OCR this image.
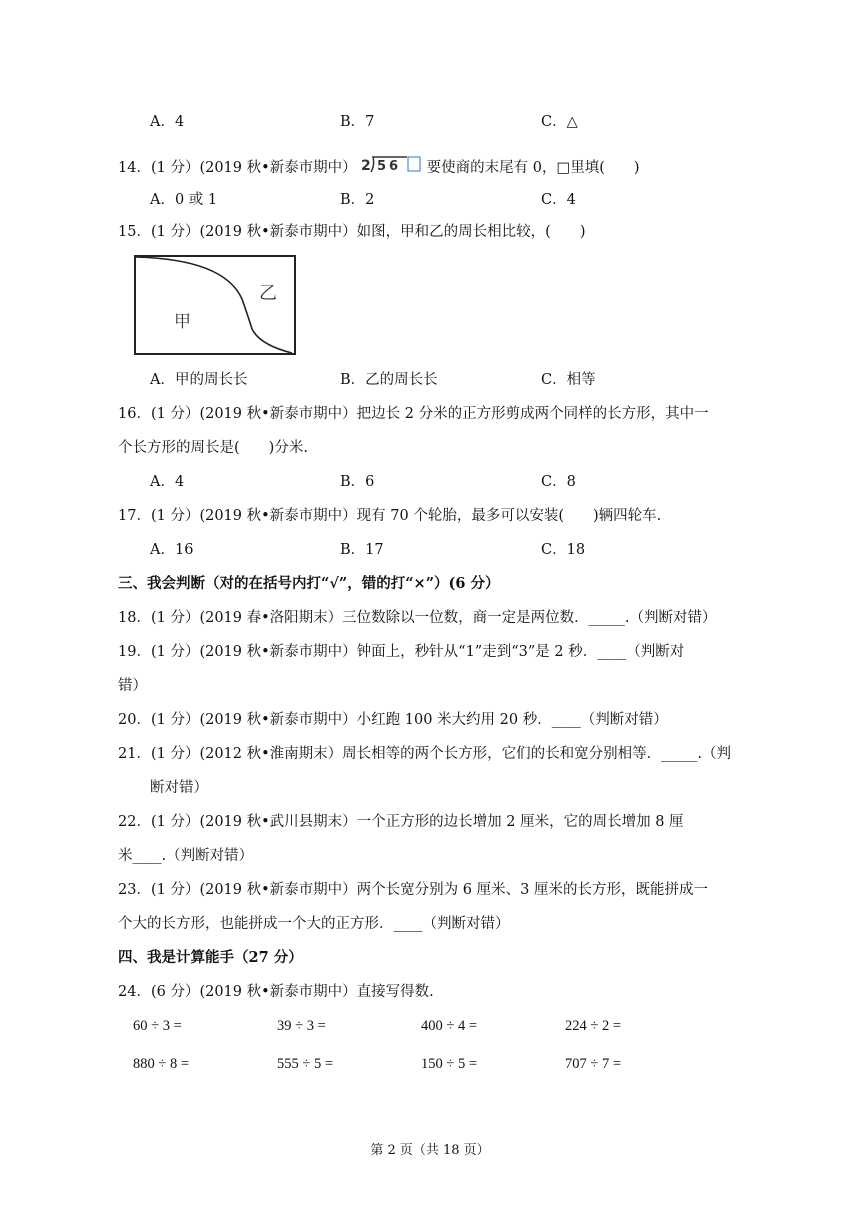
A．4	B．7	C．△
14．(1 分）(2019 秋•新泰市期中） 2 56 要使商的末尾有 0，□里填(　　)
A．0 或 1	B．2	C．4
15．(1 分）(2019 秋•新泰市期中）如图，甲和乙的周长相比较，(　　)
甲
乙
A．甲的周长长	B．乙的周长长	C．相等
16．(1 分）(2019 秋•新泰市期中）把边长 2 分米的正方形剪成两个同样的长方形，其中一
个长方形的周长是(　　)分米.
A．4	B．6	C．8
17．(1 分）(2019 秋•新泰市期中）现有 70 个轮胎，最多可以安装(　　)辆四轮车.
A．16	B．17	C．18
三、我会判断（对的在括号内打“√”，错的打“×”）(6 分）
18．(1 分）(2019 春•洛阳期末）三位数除以一位数，商一定是两位数．_____.（判断对错）
19．(1 分）(2019 秋•新泰市期中）钟面上，秒针从“1”走到“3”是 2 秒．____（判断对
错）
20．(1 分）(2019 秋•新泰市期中）小红跑 100 米大约用 20 秒．____（判断对错）
21．(1 分）(2012 秋•淮南期末）周长相等的两个长方形，它们的长和宽分别相等．_____.（判
断对错）
22．(1 分）(2019 秋•武川县期末）一个正方形的边长增加 2 厘米，它的周长增加 8 厘
米____.（判断对错）
23．(1 分）(2019 秋•新泰市期中）两个长宽分别为 6 厘米、3 厘米的长方形，既能拼成一
个大的长方形，也能拼成一个大的正方形．____（判断对错）
四、我是计算能手（27 分）
24．(6 分）(2019 秋•新泰市期中）直接写得数.
60 ÷ 3 =	39 ÷ 3 =	400 ÷ 4 =	224 ÷ 2 =
880 ÷ 8 =	555 ÷ 5 =	150 ÷ 5 =	707 ÷ 7 =
第 2 页（共 18 页）
